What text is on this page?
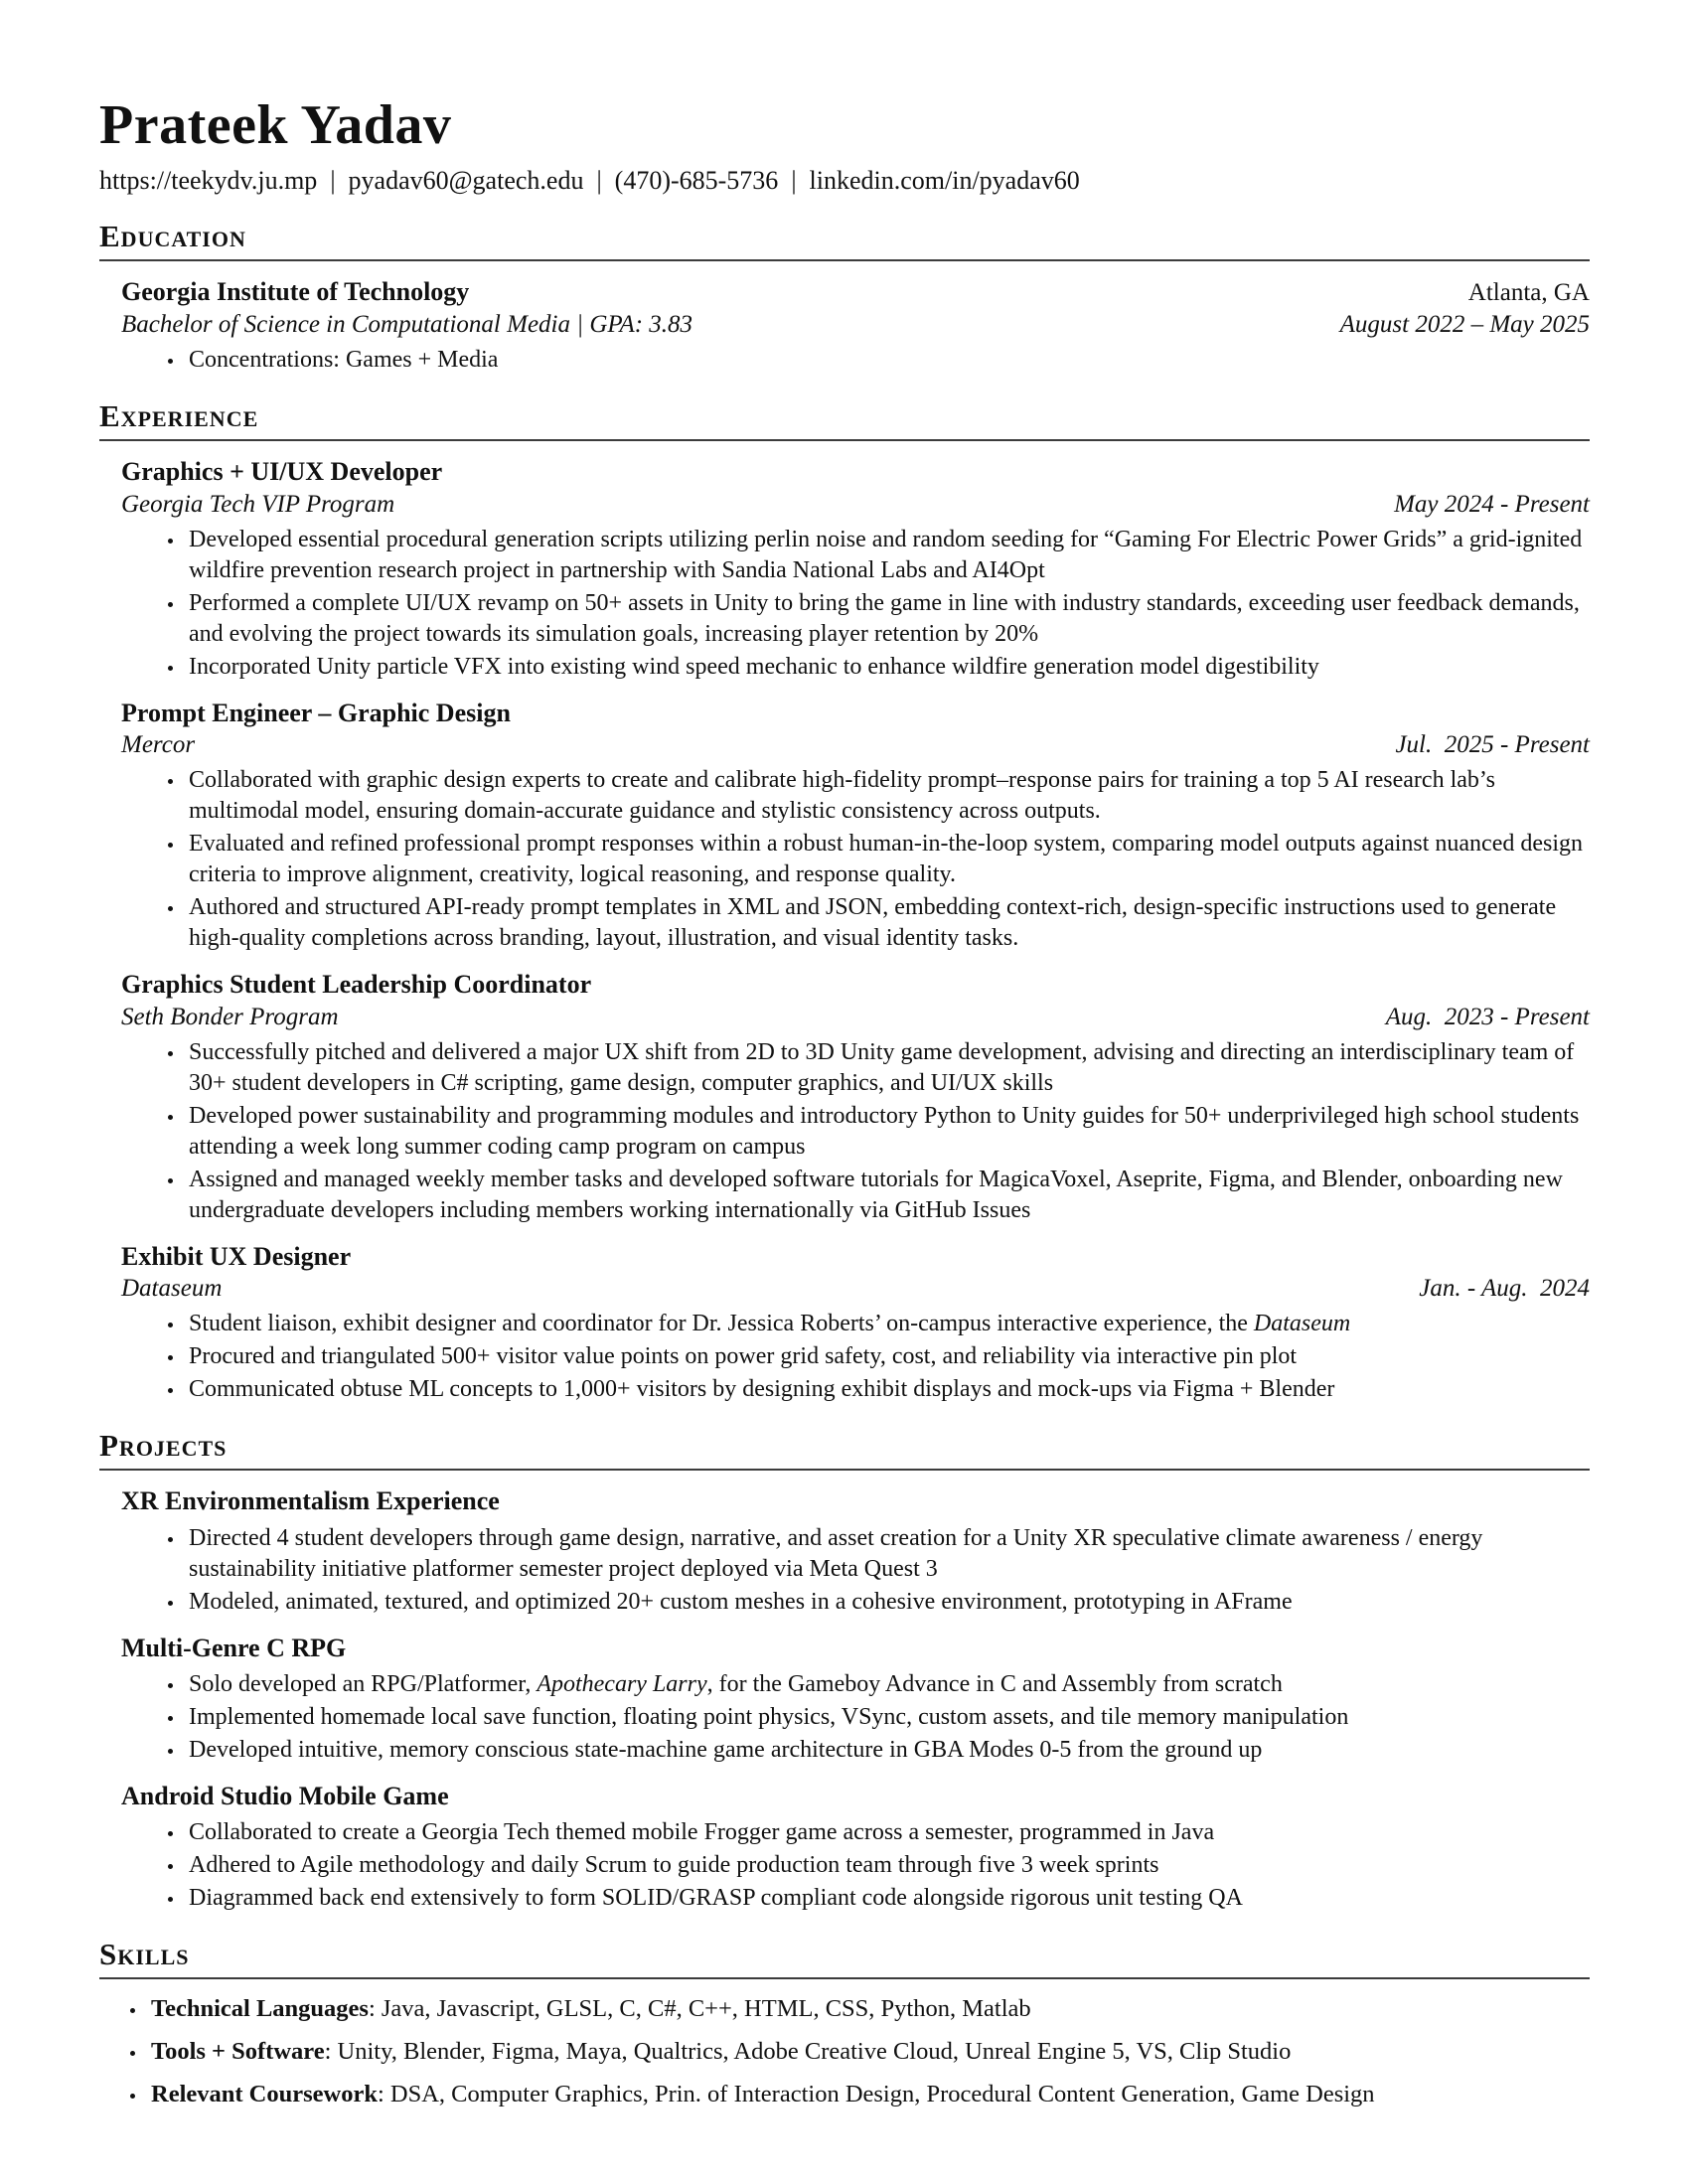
Prateek Yadav
https://teekydv.ju.mp | pyadav60@gatech.edu | (470)-685-5736 | linkedin.com/in/pyadav60
Education
Georgia Institute of Technology	Atlanta, GA
Bachelor of Science in Computational Media | GPA: 3.83	August 2022 – May 2025
• Concentrations: Games + Media
Experience
Graphics + UI/UX Developer
Georgia Tech VIP Program	May 2024 - Present
• Developed essential procedural generation scripts utilizing perlin noise and random seeding for “Gaming For Electric Power Grids” a grid-ignited wildfire prevention research project in partnership with Sandia National Labs and AI4Opt
• Performed a complete UI/UX revamp on 50+ assets in Unity to bring the game in line with industry standards, exceeding user feedback demands, and evolving the project towards its simulation goals, increasing player retention by 20%
• Incorporated Unity particle VFX into existing wind speed mechanic to enhance wildfire generation model digestibility
Prompt Engineer – Graphic Design
Mercor	Jul.  2025 - Present
• Collaborated with graphic design experts to create and calibrate high-fidelity prompt–response pairs for training a top 5 AI research lab’s multimodal model, ensuring domain-accurate guidance and stylistic consistency across outputs.
• Evaluated and refined professional prompt responses within a robust human-in-the-loop system, comparing model outputs against nuanced design criteria to improve alignment, creativity, logical reasoning, and response quality.
• Authored and structured API-ready prompt templates in XML and JSON, embedding context-rich, design-specific instructions used to generate high-quality completions across branding, layout, illustration, and visual identity tasks.
Graphics Student Leadership Coordinator
Seth Bonder Program	Aug.  2023 - Present
• Successfully pitched and delivered a major UX shift from 2D to 3D Unity game development, advising and directing an interdisciplinary team of 30+ student developers in C# scripting, game design, computer graphics, and UI/UX skills
• Developed power sustainability and programming modules and introductory Python to Unity guides for 50+ underprivileged high school students attending a week long summer coding camp program on campus
• Assigned and managed weekly member tasks and developed software tutorials for MagicaVoxel, Aseprite, Figma, and Blender, onboarding new undergraduate developers including members working internationally via GitHub Issues
Exhibit UX Designer
Dataseum	Jan. - Aug.  2024
• Student liaison, exhibit designer and coordinator for Dr. Jessica Roberts’ on-campus interactive experience, the Dataseum
• Procured and triangulated 500+ visitor value points on power grid safety, cost, and reliability via interactive pin plot
• Communicated obtuse ML concepts to 1,000+ visitors by designing exhibit displays and mock-ups via Figma + Blender
Projects
XR Environmentalism Experience
• Directed 4 student developers through game design, narrative, and asset creation for a Unity XR speculative climate awareness / energy sustainability initiative platformer semester project deployed via Meta Quest 3
• Modeled, animated, textured, and optimized 20+ custom meshes in a cohesive environment, prototyping in AFrame
Multi-Genre C RPG
• Solo developed an RPG/Platformer, Apothecary Larry, for the Gameboy Advance in C and Assembly from scratch
• Implemented homemade local save function, floating point physics, VSync, custom assets, and tile memory manipulation
• Developed intuitive, memory conscious state-machine game architecture in GBA Modes 0-5 from the ground up
Android Studio Mobile Game
• Collaborated to create a Georgia Tech themed mobile Frogger game across a semester, programmed in Java
• Adhered to Agile methodology and daily Scrum to guide production team through five 3 week sprints
• Diagrammed back end extensively to form SOLID/GRASP compliant code alongside rigorous unit testing QA
Skills
• Technical Languages: Java, Javascript, GLSL, C, C#, C++, HTML, CSS, Python, Matlab
• Tools + Software: Unity, Blender, Figma, Maya, Qualtrics, Adobe Creative Cloud, Unreal Engine 5, VS, Clip Studio
• Relevant Coursework: DSA, Computer Graphics, Prin. of Interaction Design, Procedural Content Generation, Game Design
